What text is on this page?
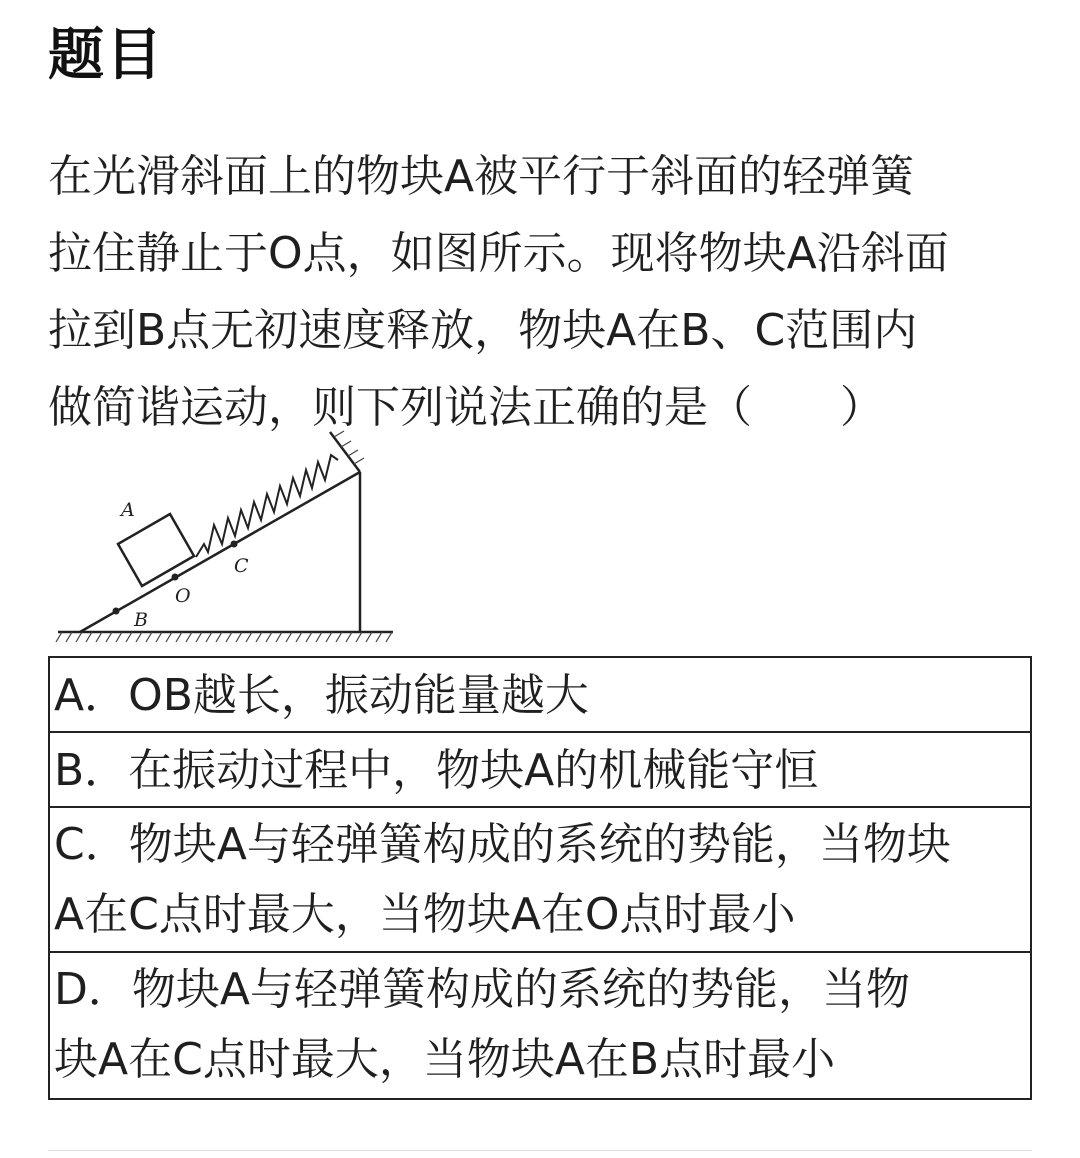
题目
在光滑斜面上的物块A被平行于斜面的轻弹簧
拉住静止于O点，如图所示。现将物块A沿斜面
拉到B点无初速度释放，物块A在B、C范围内
做简谐运动，则下列说法正确的是（　　）
A
B
O
C
A．OB越长，振动能量越大
B．在振动过程中，物块A的机械能守恒
C．物块A与轻弹簧构成的系统的势能，当物块
A在C点时最大，当物块A在O点时最小
D．物块A与轻弹簧构成的系统的势能，当物
块A在C点时最大，当物块A在B点时最小
